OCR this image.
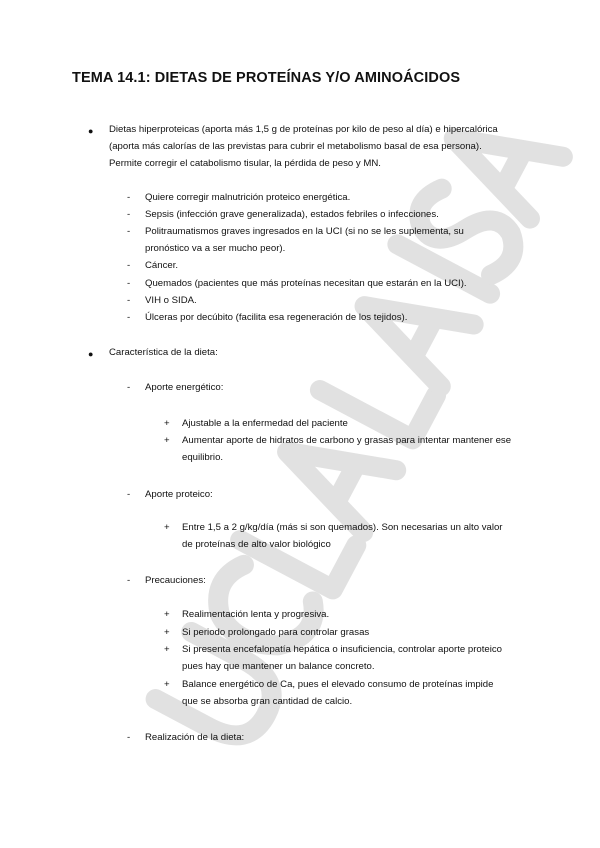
TEMA 14.1: DIETAS DE PROTEÍNAS Y/O AMINOÁCIDOS
● Dietas hiperproteicas (aporta más 1,5 g de proteínas por kilo de peso al día) e hipercalórica
(aporta más calorías de las previstas para cubrir el metabolismo basal de esa persona).
Permite corregir el catabolismo tisular, la pérdida de peso y MN.
- Quiere corregir malnutrición proteico energética.
- Sepsis (infección grave generalizada), estados febriles o infecciones.
- Politraumatismos graves ingresados en la UCI (si no se les suplementa, su
pronóstico va a ser mucho peor).
- Cáncer.
- Quemados (pacientes que más proteínas necesitan que estarán en la UCI).
- VIH o SIDA.
- Úlceras por decúbito (facilita esa regeneración de los tejidos).
● Característica de la dieta:
- Aporte energético:
+ Ajustable a la enfermedad del paciente
+ Aumentar aporte de hidratos de carbono y grasas para intentar mantener ese
equilibrio.
- Aporte proteico:
+ Entre 1,5 a 2 g/kg/día (más si son quemados). Son necesarias un alto valor
de proteínas de alto valor biológico
- Precauciones:
+ Realimentación lenta y progresiva.
+ Si periodo prolongado para controlar grasas
+ Si presenta encefalopatía hepática o insuficiencia, controlar aporte proteico
pues hay que mantener un balance concreto.
+ Balance energético de Ca, pues el elevado consumo de proteínas impide
que se absorba gran cantidad de calcio.
- Realización de la dieta:
